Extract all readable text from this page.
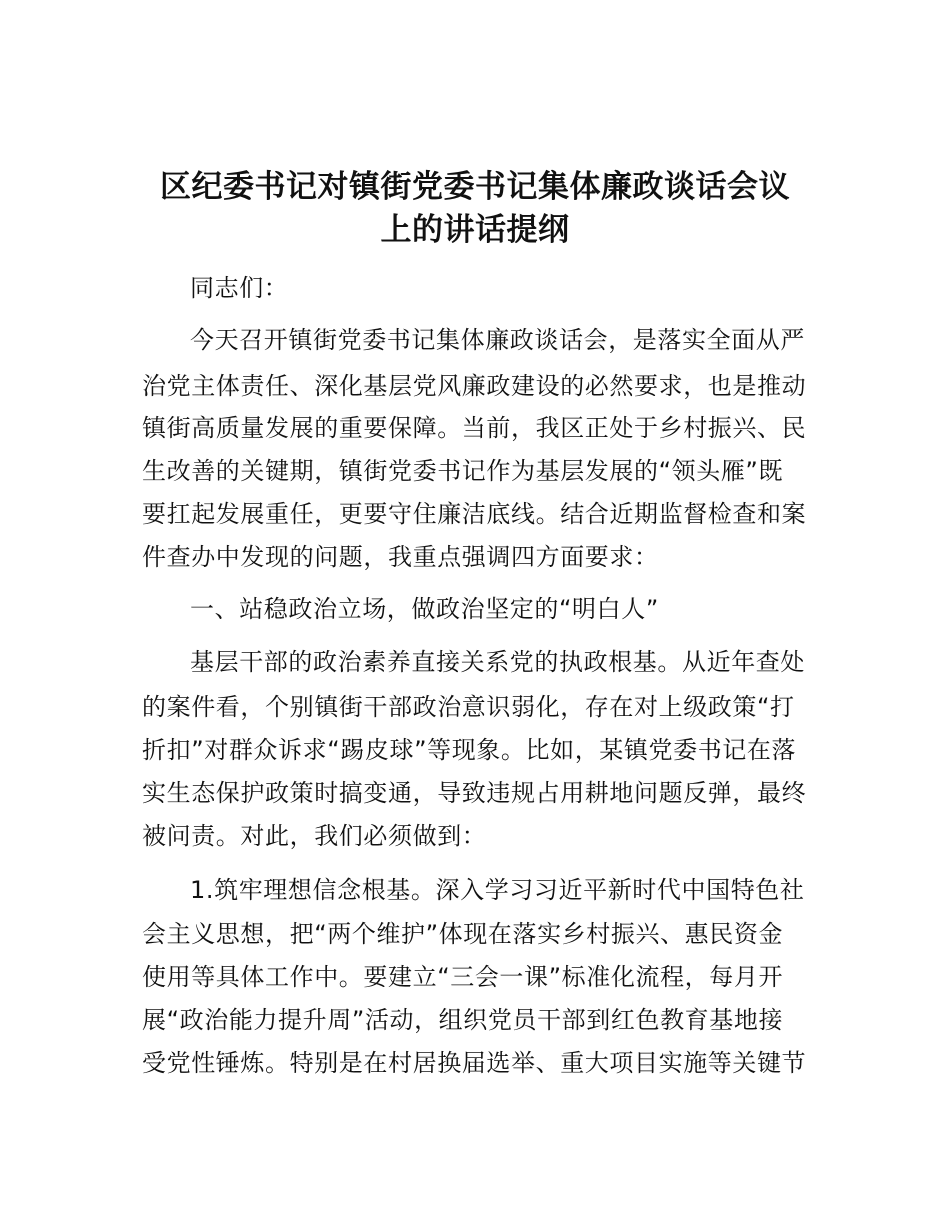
区纪委书记对镇街党委书记集体廉政谈话会议
上的讲话提纲

同志们：

今天召开镇街党委书记集体廉政谈话会，是落实全面从严

治党主体责任、深化基层党风廉政建设的必然要求，也是推动

镇街高质量发展的重要保障。当前，我区正处于乡村振兴、民

生改善的关键期，镇街党委书记作为基层发展的“领头雁”既

要扛起发展重任，更要守住廉洁底线。结合近期监督检查和案

件查办中发现的问题，我重点强调四方面要求：

一、站稳政治立场，做政治坚定的“明白人”

基层干部的政治素养直接关系党的执政根基。从近年查处

的案件看，个别镇街干部政治意识弱化，存在对上级政策“打

折扣”对群众诉求“踢皮球”等现象。比如，某镇党委书记在落

实生态保护政策时搞变通，导致违规占用耕地问题反弹，最终

被问责。对此，我们必须做到：

1.筑牢理想信念根基。深入学习习近平新时代中国特色社

会主义思想，把“两个维护”体现在落实乡村振兴、惠民资金

使用等具体工作中。要建立“三会一课”标准化流程，每月开

展“政治能力提升周”活动，组织党员干部到红色教育基地接

受党性锤炼。特别是在村居换届选举、重大项目实施等关键节
